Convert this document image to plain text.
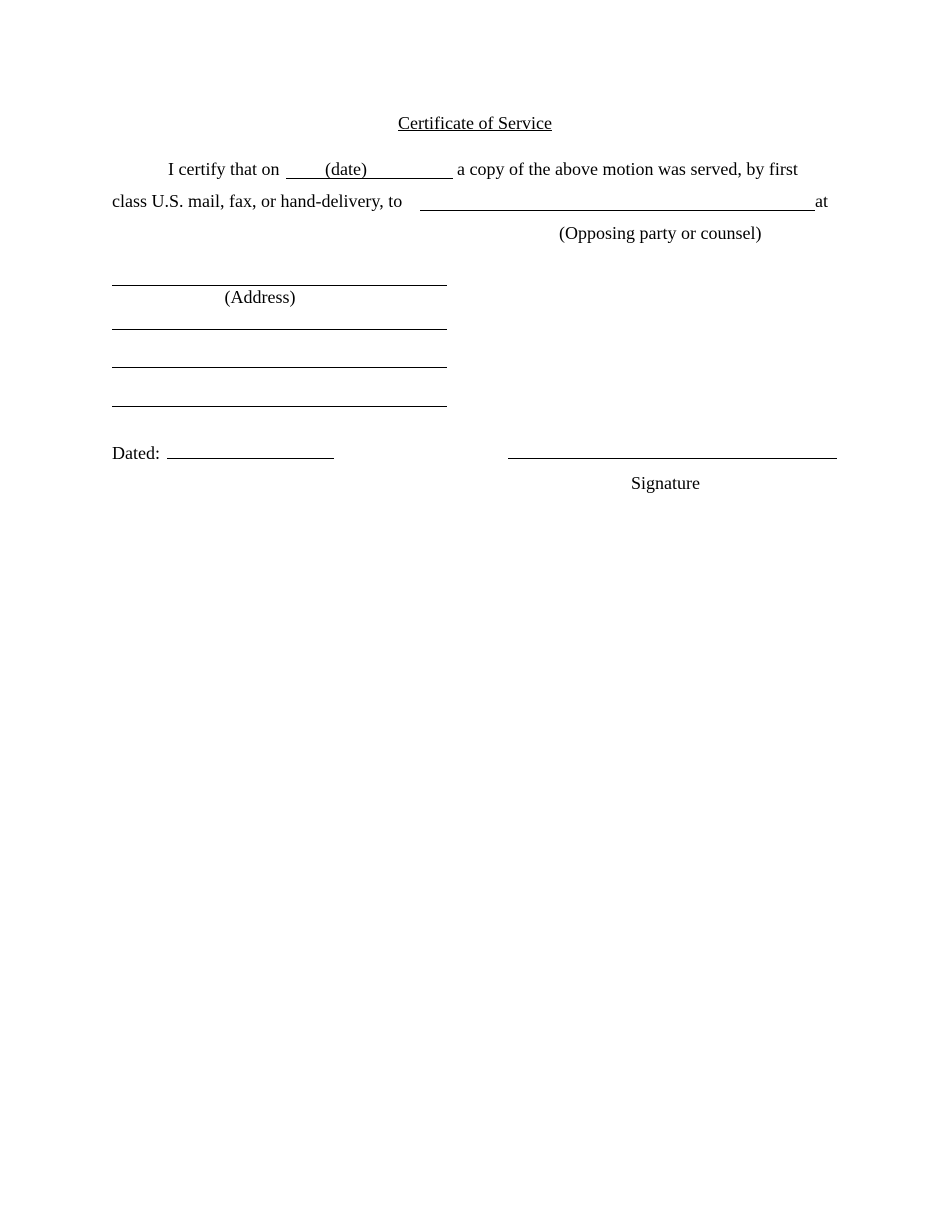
Certificate of Service
I certify that on	(date)	a copy of the above motion was served, by first
class U.S. mail, fax, or hand-delivery, to	at
(Opposing party or counsel)
(Address)
Dated:
Signature
